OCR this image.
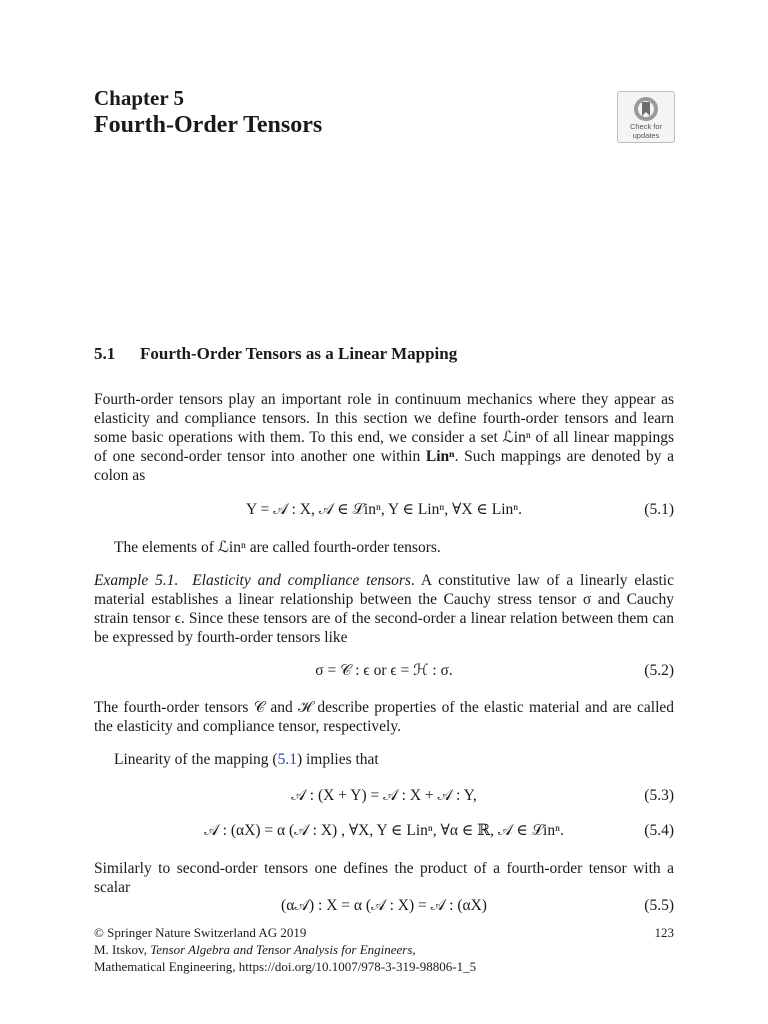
Chapter 5
Fourth-Order Tensors	Check for
updates
5.1 Fourth-Order Tensors as a Linear Mapping

Fourth-order tensors play an important role in continuum mechanics where they appear as elasticity and compliance tensors. In this section we define fourth-order tensors and learn some basic operations with them. To this end, we consider a set ℒinⁿ of all linear mappings of one second-order tensor into another one within Linⁿ. Such mappings are denoted by a colon as

Y = 𝒜 : X, 𝒜 ∈ ℒinⁿ, Y ∈ Linⁿ, ∀X ∈ Linⁿ.	(5.1)

The elements of ℒinⁿ are called fourth-order tensors.

Example 5.1. Elasticity and compliance tensors. A constitutive law of a linearly elastic material establishes a linear relationship between the Cauchy stress tensor σ and Cauchy strain tensor ϵ. Since these tensors are of the second-order a linear relation between them can be expressed by fourth-order tensors like

σ = 𝒞 : ϵ or ϵ = ℋ : σ.	(5.2)

The fourth-order tensors 𝒞 and ℋ describe properties of the elastic material and are called the elasticity and compliance tensor, respectively.

Linearity of the mapping (5.1) implies that

𝒜 : (X + Y) = 𝒜 : X + 𝒜 : Y,	(5.3)
𝒜 : (αX) = α (𝒜 : X) , ∀X, Y ∈ Linⁿ, ∀α ∈ ℝ, 𝒜 ∈ ℒinⁿ.	(5.4)

Similarly to second-order tensors one defines the product of a fourth-order tensor with a scalar

(α𝒜) : X = α (𝒜 : X) = 𝒜 : (αX)	(5.5)
© Springer Nature Switzerland AG 2019
M. Itskov, Tensor Algebra and Tensor Analysis for Engineers,
Mathematical Engineering, https://doi.org/10.1007/978-3-319-98806-1_5
123
